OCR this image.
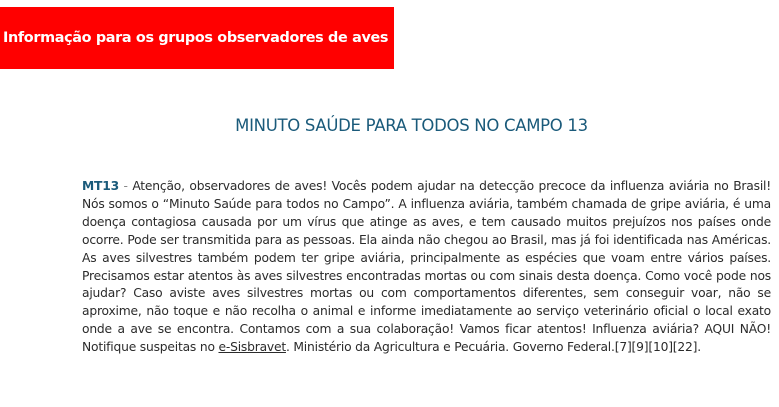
Informação para os grupos observadores de aves
MINUTO SAÚDE PARA TODOS NO CAMPO 13

MT13 - Atenção, observadores de aves! Vocês podem ajudar na detecção precoce da influenza aviária no Brasil! Nós somos o “Minuto Saúde para todos no Campo”. A influenza aviária, também chamada de gripe aviária, é uma doença contagiosa causada por um vírus que atinge as aves, e tem causado muitos prejuízos nos países onde ocorre. Pode ser transmitida para as pessoas. Ela ainda não chegou ao Brasil, mas já foi identificada nas Américas. As aves silvestres também podem ter gripe aviária, principalmente as espécies que voam entre vários países. Precisamos estar atentos às aves silvestres encontradas mortas ou com sinais desta doença. Como você pode nos ajudar? Caso aviste aves silvestres mortas ou com comportamentos diferentes, sem conseguir voar, não se aproxime, não toque e não recolha o animal e informe imediatamente ao serviço veterinário oficial o local exato onde a ave se encontra. Contamos com a sua colaboração! Vamos ficar atentos! Influenza aviária? AQUI NÃO! Notifique suspeitas no e-Sisbravet. Ministério da Agricultura e Pecuária. Governo Federal.[7][9][10][22].
